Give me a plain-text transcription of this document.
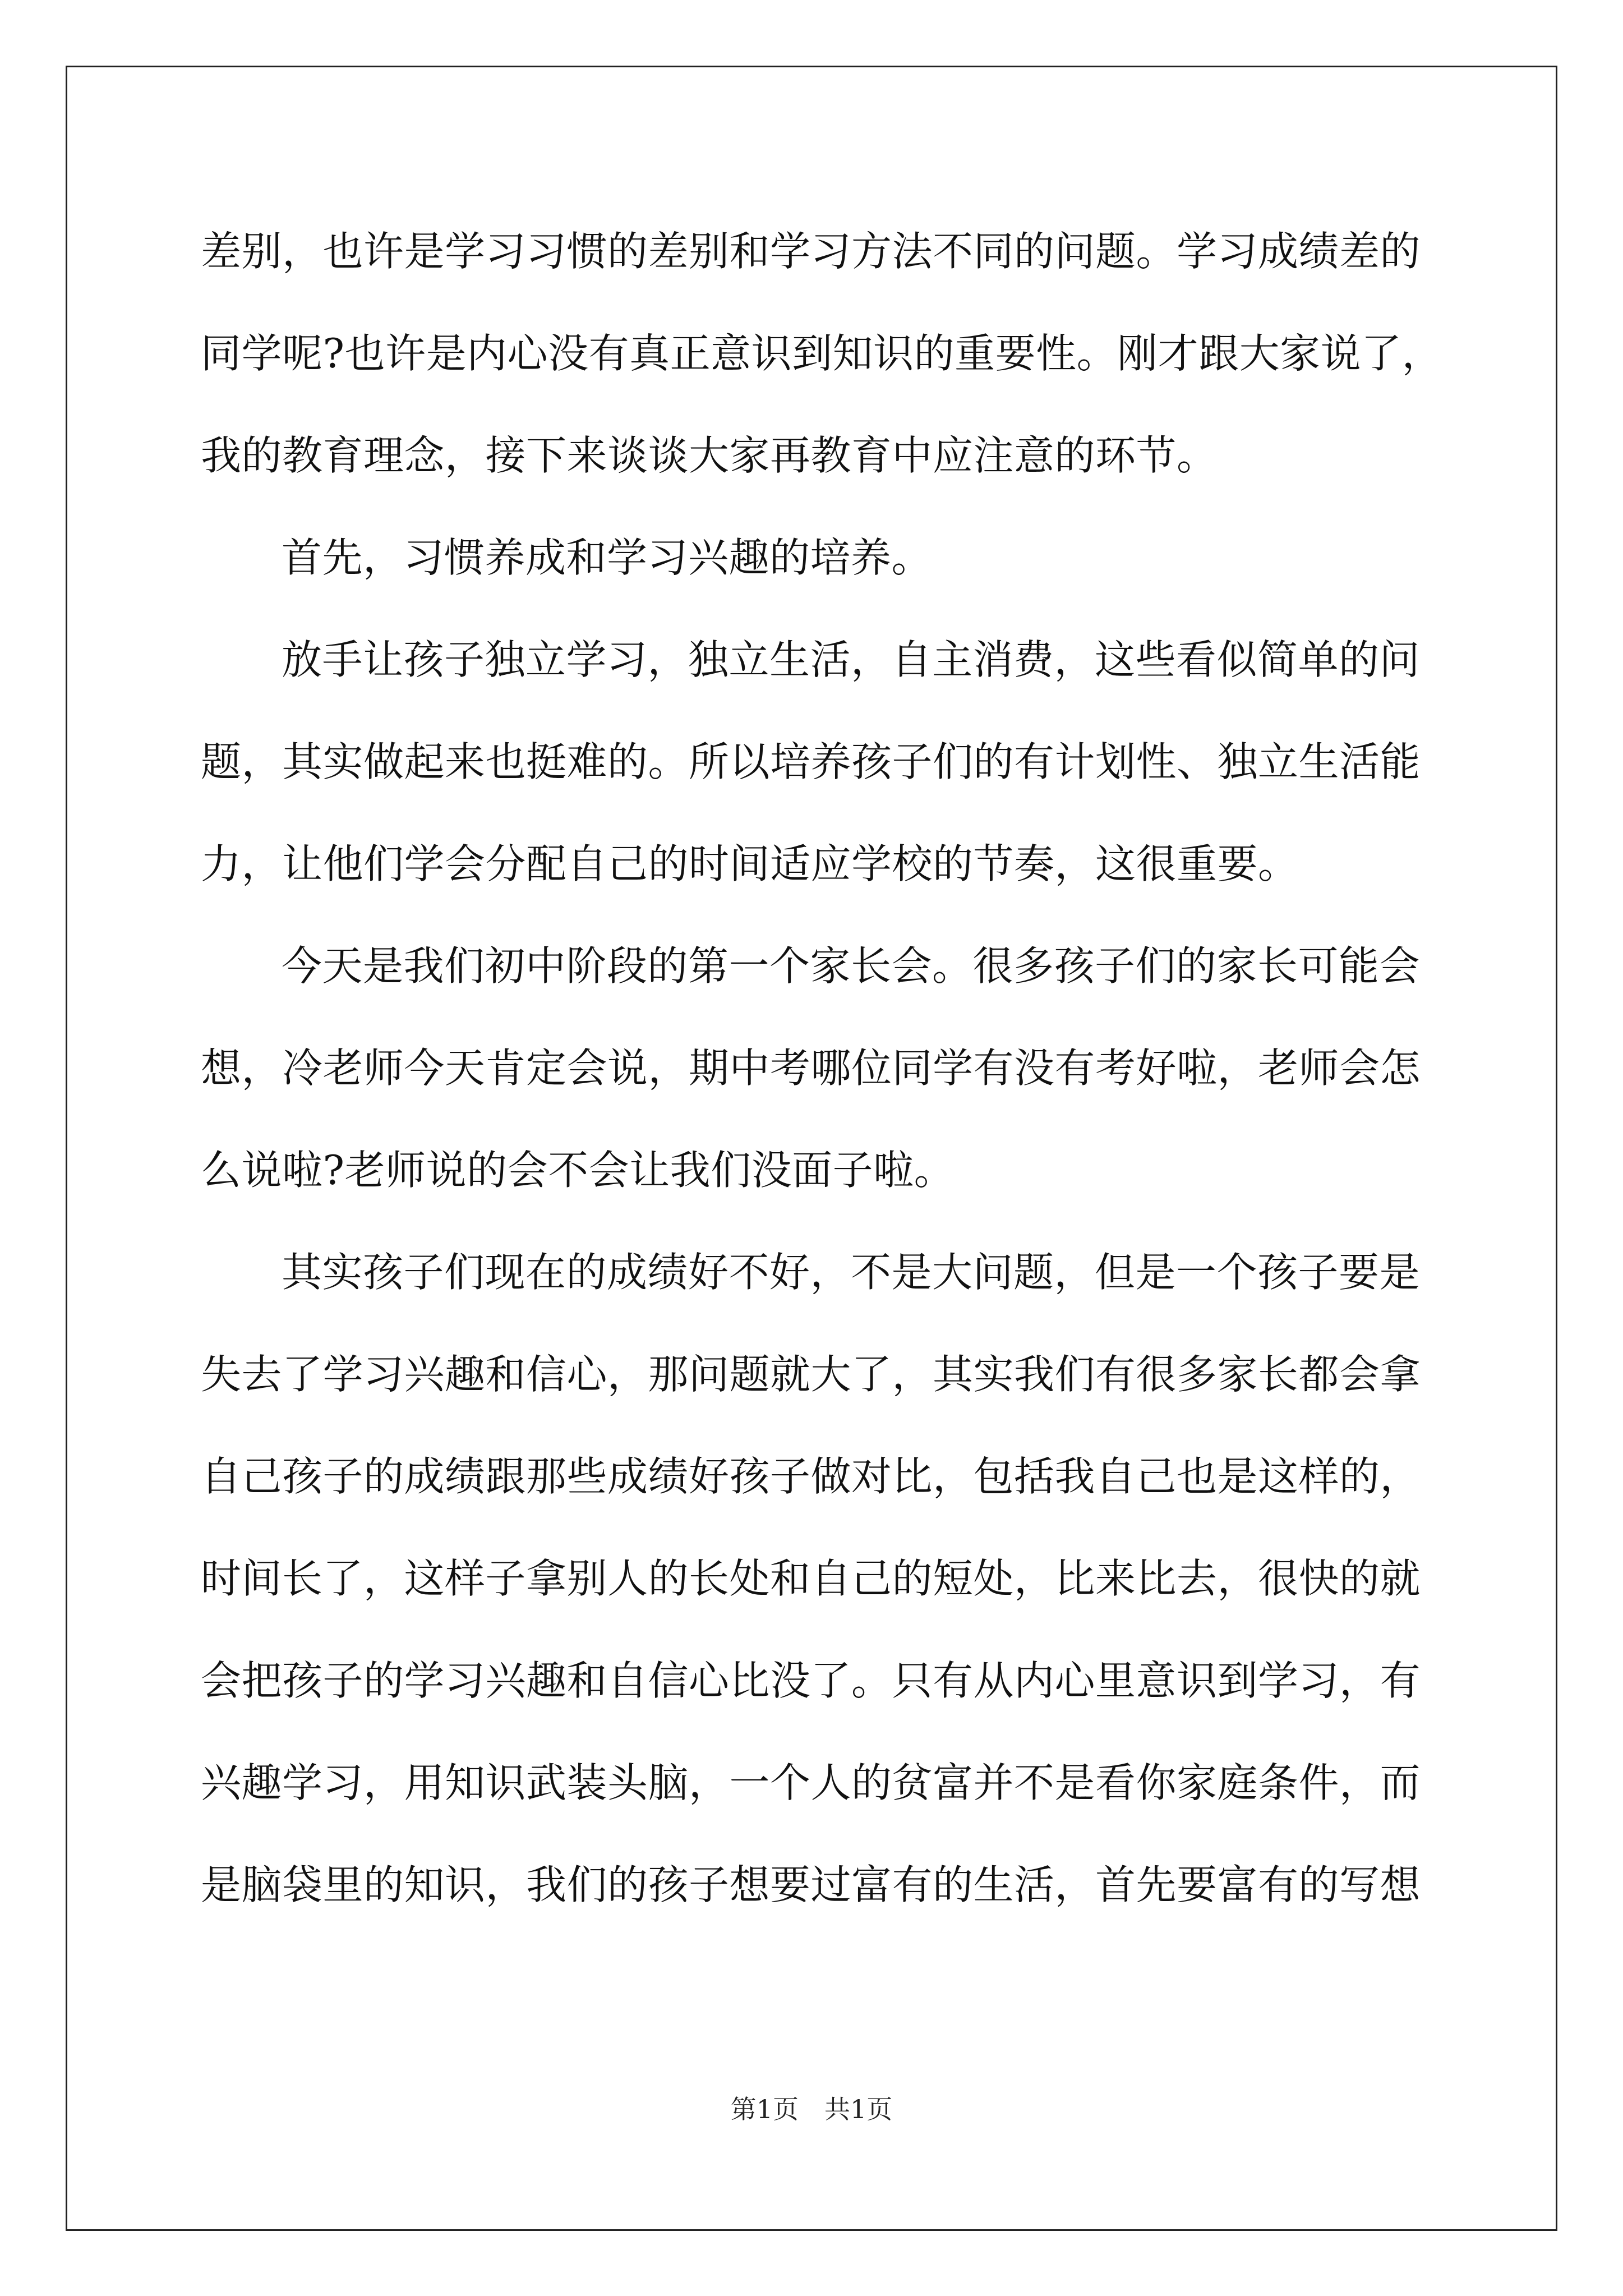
差别，也许是学习习惯的差别和学习方法不同的问题。学习成绩差的
同学呢?也许是内心没有真正意识到知识的重要性。刚才跟大家说了，
我的教育理念，接下来谈谈大家再教育中应注意的环节。
首先，习惯养成和学习兴趣的培养。
放手让孩子独立学习，独立生活，自主消费，这些看似简单的问
题，其实做起来也挺难的。所以培养孩子们的有计划性、独立生活能
力，让他们学会分配自己的时间适应学校的节奏，这很重要。
今天是我们初中阶段的第一个家长会。很多孩子们的家长可能会
想，冷老师今天肯定会说，期中考哪位同学有没有考好啦，老师会怎
么说啦?老师说的会不会让我们没面子啦。
其实孩子们现在的成绩好不好，不是大问题，但是一个孩子要是
失去了学习兴趣和信心，那问题就大了，其实我们有很多家长都会拿
自己孩子的成绩跟那些成绩好孩子做对比，包括我自己也是这样的，
时间长了，这样子拿别人的长处和自己的短处，比来比去，很快的就
会把孩子的学习兴趣和自信心比没了。只有从内心里意识到学习，有
兴趣学习，用知识武装头脑，一个人的贫富并不是看你家庭条件，而
是脑袋里的知识，我们的孩子想要过富有的生活，首先要富有的写想
第1页　共1页
